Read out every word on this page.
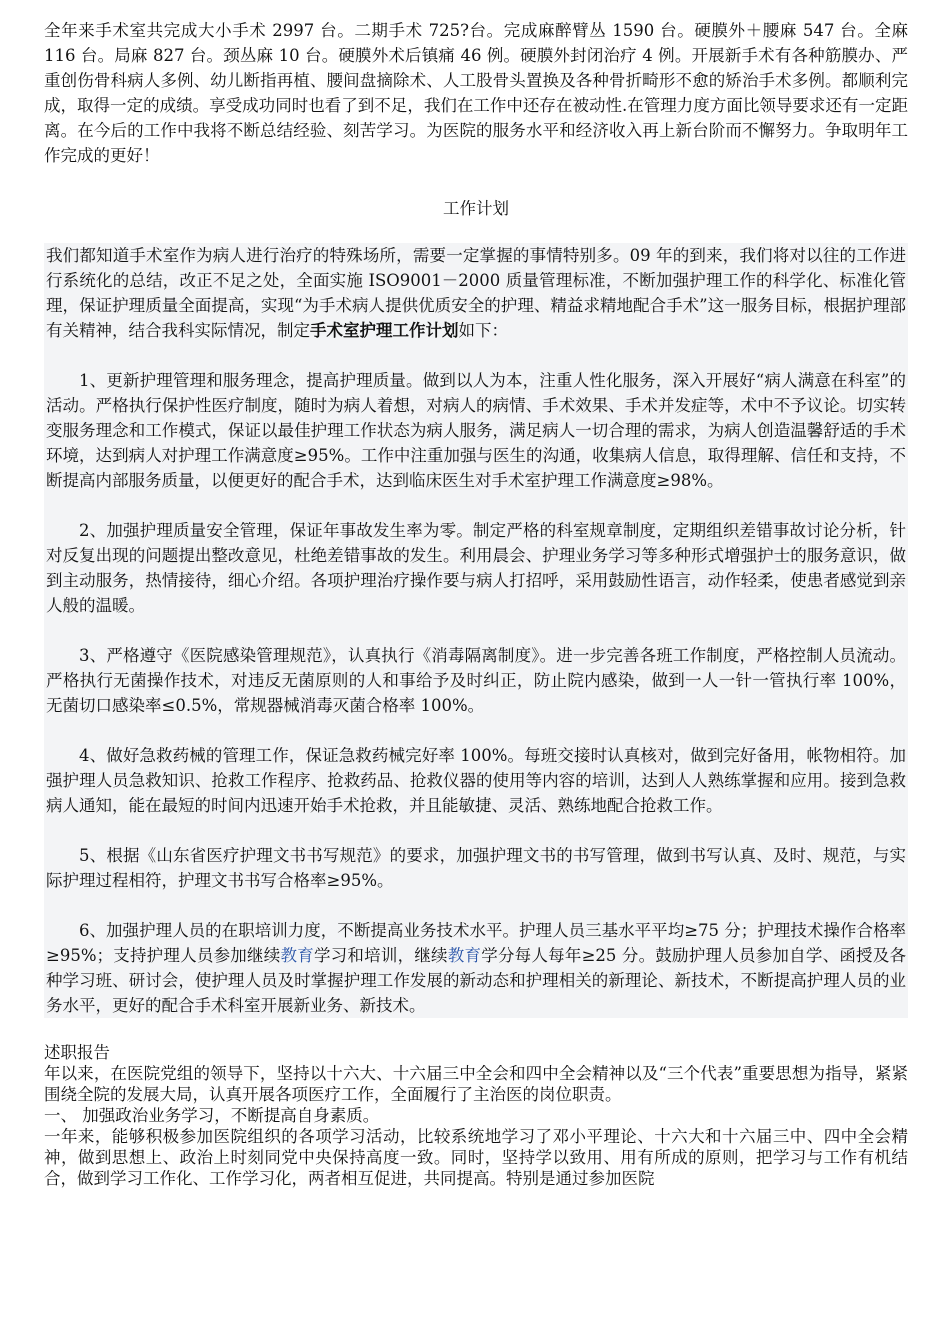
全年来手术室共完成大小手术 2997 台。二期手术 725?台。完成麻醉臂丛 1590 台。硬膜外＋腰麻 547 台。全麻 116 台。局麻 827 台。颈丛麻 10 台。硬膜外术后镇痛 46 例。硬膜外封闭治疗 4 例。开展新手术有各种筋膜办、严重创伤骨科病人多例、幼儿断指再植、腰间盘摘除术、人工股骨头置换及各种骨折畸形不愈的矫治手术多例。都顺利完成，取得一定的成绩。享受成功同时也看了到不足，我们在工作中还存在被动性.在管理力度方面比领导要求还有一定距离。在今后的工作中我将不断总结经验、刻苦学习。为医院的服务水平和经济收入再上新台阶而不懈努力。争取明年工作完成的更好！

工作计划

我们都知道手术室作为病人进行治疗的特殊场所，需要一定掌握的事情特别多。09 年的到来，我们将对以往的工作进行系统化的总结，改正不足之处，全面实施 ISO9001－2000 质量管理标准，不断加强护理工作的科学化、标准化管理，保证护理质量全面提高，实现“为手术病人提供优质安全的护理、精益求精地配合手术”这一服务目标，根据护理部有关精神，结合我科实际情况，制定手术室护理工作计划如下：

1、更新护理管理和服务理念，提高护理质量。做到以人为本，注重人性化服务，深入开展好“病人满意在科室”的活动。严格执行保护性医疗制度，随时为病人着想，对病人的病情、手术效果、手术并发症等，术中不予议论。切实转变服务理念和工作模式，保证以最佳护理工作状态为病人服务，满足病人一切合理的需求，为病人创造温馨舒适的手术环境，达到病人对护理工作满意度≥95%。工作中注重加强与医生的沟通，收集病人信息，取得理解、信任和支持，不断提高内部服务质量，以便更好的配合手术，达到临床医生对手术室护理工作满意度≥98%。

2、加强护理质量安全管理，保证年事故发生率为零。制定严格的科室规章制度，定期组织差错事故讨论分析，针对反复出现的问题提出整改意见，杜绝差错事故的发生。利用晨会、护理业务学习等多种形式增强护士的服务意识，做到主动服务，热情接待，细心介绍。各项护理治疗操作要与病人打招呼，采用鼓励性语言，动作轻柔，使患者感觉到亲人般的温暖。

3、严格遵守《医院感染管理规范》，认真执行《消毒隔离制度》。进一步完善各班工作制度，严格控制人员流动。严格执行无菌操作技术，对违反无菌原则的人和事给予及时纠正，防止院内感染，做到一人一针一管执行率 100%，无菌切口感染率≤0.5%，常规器械消毒灭菌合格率 100%。

4、做好急救药械的管理工作，保证急救药械完好率 100%。每班交接时认真核对，做到完好备用，帐物相符。加强护理人员急救知识、抢救工作程序、抢救药品、抢救仪器的使用等内容的培训，达到人人熟练掌握和应用。接到急救病人通知，能在最短的时间内迅速开始手术抢救，并且能敏捷、灵活、熟练地配合抢救工作。

5、根据《山东省医疗护理文书书写规范》的要求，加强护理文书的书写管理，做到书写认真、及时、规范，与实际护理过程相符，护理文书书写合格率≥95%。

6、加强护理人员的在职培训力度，不断提高业务技术水平。护理人员三基水平平均≥75 分；护理技术操作合格率≥95%；支持护理人员参加继续教育学习和培训，继续教育学分每人每年≥25 分。鼓励护理人员参加自学、函授及各种学习班、研讨会，使护理人员及时掌握护理工作发展的新动态和护理相关的新理论、新技术，不断提高护理人员的业务水平，更好的配合手术科室开展新业务、新技术。

述职报告

年以来，在医院党组的领导下，坚持以十六大、十六届三中全会和四中全会精神以及“三个代表”重要思想为指导，紧紧围绕全院的发展大局，认真开展各项医疗工作，全面履行了主治医的岗位职责。

一、 加强政治业务学习，不断提高自身素质。

一年来，能够积极参加医院组织的各项学习活动，比较系统地学习了邓小平理论、十六大和十六届三中、四中全会精神，做到思想上、政治上时刻同党中央保持高度一致。同时，坚持学以致用、用有所成的原则，把学习与工作有机结合，做到学习工作化、工作学习化，两者相互促进，共同提高。特别是通过参加医院
